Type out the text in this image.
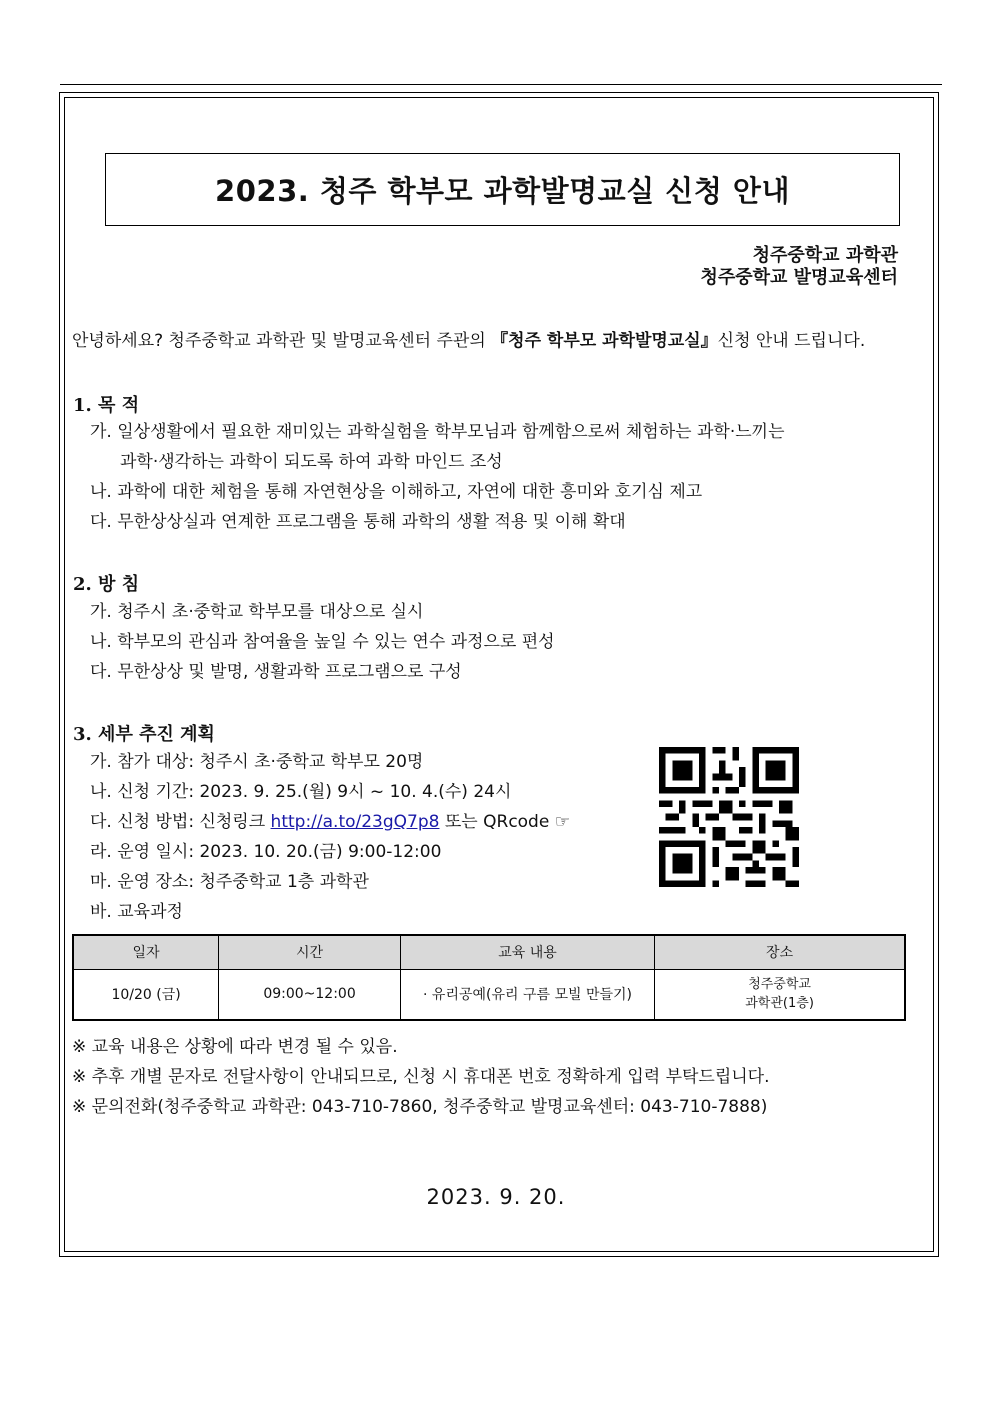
2023. 청주 학부모 과학발명교실 신청 안내
청주중학교 과학관
청주중학교 발명교육센터
안녕하세요? 청주중학교 과학관 및 발명교육센터 주관의 『청주 학부모 과학발명교실』신청 안내 드립니다.
1. 목 적
가. 일상생활에서 필요한 재미있는 과학실험을 학부모님과 함께함으로써 체험하는 과학·느끼는
과학·생각하는 과학이 되도록 하여 과학 마인드 조성
나. 과학에 대한 체험을 통해 자연현상을 이해하고, 자연에 대한 흥미와 호기심 제고
다. 무한상상실과 연계한 프로그램을 통해 과학의 생활 적용 및 이해 확대
2. 방 침
가. 청주시 초·중학교 학부모를 대상으로 실시
나. 학부모의 관심과 참여율을 높일 수 있는 연수 과정으로 편성
다. 무한상상 및 발명, 생활과학 프로그램으로 구성
3. 세부 추진 계획
가. 참가 대상: 청주시 초·중학교 학부모 20명
나. 신청 기간: 2023. 9. 25.(월) 9시 ~ 10. 4.(수) 24시
다. 신청 방법: 신청링크 http://a.to/23gQ7p8 또는 QRcode ☞
라. 운영 일시: 2023. 10. 20.(금) 9:00-12:00
마. 운영 장소: 청주중학교 1층 과학관
바. 교육과정
일자	시간	교육 내용	장소
10/20 (금)	09:00~12:00	· 유리공예(유리 구름 모빌 만들기)	청주중학교
과학관(1층)
※ 교육 내용은 상황에 따라 변경 될 수 있음.
※ 추후 개별 문자로 전달사항이 안내되므로, 신청 시 휴대폰 번호 정확하게 입력 부탁드립니다.
※ 문의전화(청주중학교 과학관: 043-710-7860, 청주중학교 발명교육센터: 043-710-7888)
2023. 9. 20.
